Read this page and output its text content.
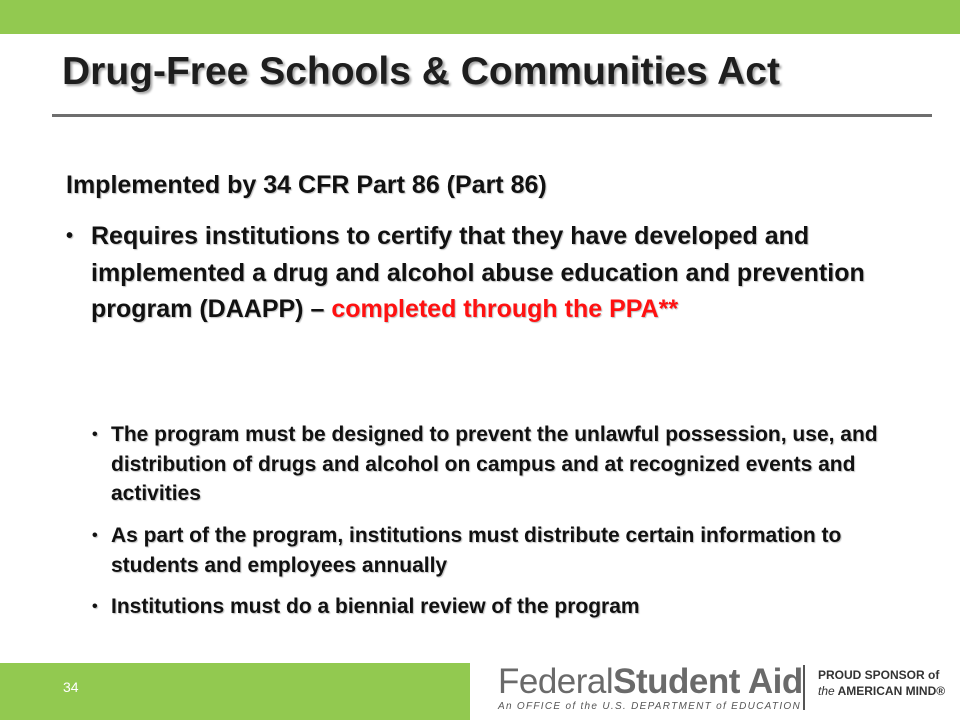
Drug-Free Schools & Communities Act

Implemented by 34 CFR Part 86 (Part 86)

• Requires institutions to certify that they have developed and implemented a drug and alcohol abuse education and prevention program (DAAPP) – completed through the PPA**
• The program must be designed to prevent the unlawful possession, use, and distribution of drugs and alcohol on campus and at recognized events and activities
• As part of the program, institutions must distribute certain information to students and employees annually
• Institutions must do a biennial review of the program
34	FederalStudent Aid
An OFFICE of the U.S. DEPARTMENT of EDUCATION
PROUD SPONSOR of
the AMERICAN MIND®
